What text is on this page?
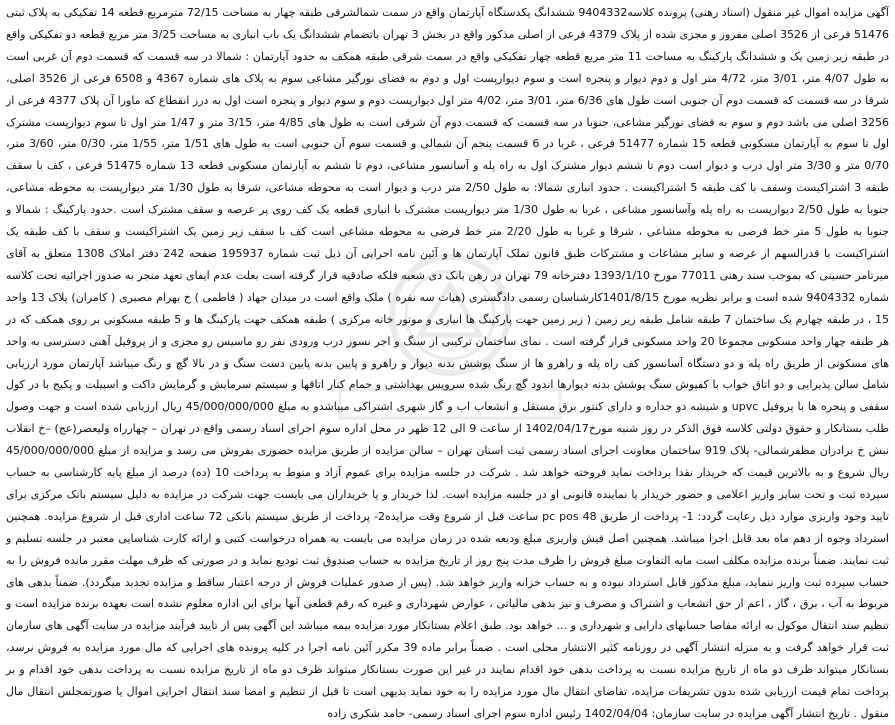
آگهی مزایده اموال غیر منقول (اسناد رهنی) پرونده کلاسه9404332 ششدانگ یکدستگاه آپارتمان واقع در سمت شمالشرقی طبقه چهار به مساحت 72/15 مترمربع قطعه 14 تفکیکی به پلاک ثبتی 51476 فرعی از 3526 اصلی مفروز و مجزی شده از پلاک 4379 فرعی از اصلی مذکور واقع در بخش 3 تهران باتضمام ششدانگ یک باب انباری به مساحت 3/25 متر مربع قطعه دو تفکیکی واقع در طبقه زیر زمین یک و ششدانگ پارکینگ به مساحت 11 متر مربع قطعه چهار تفکیکی واقع در سمت شرقی طبقه همکف به حدود آپارتمان : شمالا در سه قسمت که قسمت دوم آن غربی است به طول 4/07 متر، 3/01 متر، 4/72 متر اول و دوم دیوار و پنجره است و سوم دیوارپست اول و دوم به فضای نورگیر مشاعی سوم به پلاک های شماره 4367 و 6508 فرعی از 3526 اصلی، شرقا در سه قسمت که قسمت دوم آن جنوبی است طول های 6/36 متر، 3/01 متر، 4/02 متر اول دیوارپست دوم و سوم دیوار و پنجره است اول به درز انقطاع که ماورا آن پلاک 4377 فرعی از 3256 اصلی می باشد دوم و سوم به فضای نورگیر مشاعی، جنوبا در سه قسمت که قسمت دوم آن شرقی است به طول های 4/85 متر، 3/15 متر و 1/47 متر اول تا سوم دیوارپست مشترک اول تا سوم به آپارتمان مسکونی قطعه 15 شماره 51477 فرعی ، غربا در 6 قسمت پنجم آن شمالی و قسمت سوم آن جنوبی است به طول های 1/51 متر، 1/55 متر، 0/30 متر، 3/60 متر، 0/70 متر و 3/30 متر اول درب و دیوار است دوم تا ششم دیوار مشترک اول به راه پله و آسانسور مشاعی، دوم تا ششم به آپارتمان مسکونی قطعه 13 شماره 51475 فرعی ، کف با سقف طبقه 3 اشتراکیست وسقف با کف طبقه 5 اشتراکیست . حدود انباری شمالا: به طول 2/50 متر درب و دیوار است به محوطه مشاعی، شرقا به طول 1/30 متر دیوارپست به محوطه مشاعی، جنوبا به طول 2/50 دیوارپست به راه پله وآسانسور مشاعی ، غربا به طول 1/30 متر دیوارپست مشترک با انباری قطعه یک کف روی پر عرصه و سقف مشترک است .حدود پارکینگ : شمالا و جنوبا به طول 5 متر خط فرضی به محوطه مشاعی ، شرقا و غربا به طول 2/20 متر خط فرضی به محوطه مشاعی است کف با سقف زیر زمین یک اشتراکیست و سقف با کف طبقه یک اشتراکیست با قدرالسهم از عرصه و سایر مشاعات و مشترکات طبق قانون تملک آپارتمان ها و آئین نامه اجرایی آن ذیل ثبت شماره 195937 صفحه 242 دفتر املاک 1308 متعلق به آقای میرتامر حسینی که بموجب سند رهنی 77011 مورخ 1393/1/10 دفترخانه 79 تهران در رهن بانک دی شعبه فلکه صادقیه قرار گرفته است بعلت عدم ایفای تعهد منجر به صدور اجرائیه تحت کلاسه شماره 9404332 شده است و برابر نظریه مورخ 1401/8/15کارشناسان رسمی دادگستری (هیات سه نفره ) ملک واقع است در میدان جهاد ( فاطمی ) خ بهرام مصیری ( کامران) پلاک 13 واحد 15 ، در طبقه چهارم یک ساختمان 7 طبقه شامل طبقه زیر زمین ( زیر زمین جهت پارکینگ ها انباری و موتور خانه مرکزی ) طبقه همکف جهت پارکینگ ها و 5 طبقه مسکونی بر روی همکف که در هر طبقه چهار واحد مسکونی مجموعا 20 واحد مسکونی قرار گرفته است . نمای ساختمان ترکیبی از سنگ و اجر نسوز درب ورودی نفر رو ماسیس رو مجزی و از پروفیل آهنی دسترسی به واحد های مسکونی از طریق راه پله و دو دستگاه آسانسور کف راه پله و راهرو ها از سنگ پوشش بدنه دیوار و راهرو و پایین بدنه پایین دست سنگ و در بالا گچ و رنگ میباشد آپارتمان مورد ارزیابی شامل سالن پذیرایی و دو اتاق خواب با کفپوش سنگ پوشش بدنه دیوارها اندود گچ رنگ شده سرویس بهداشتی و حمام کنار اتاقها و سیستم سرمایش و گرمایش داکت و اسپیلت و پکیج با در کول سقفی و پنجره ها با پروفیل upvc و شیشه دو جداره و دارای کنتور برق مستقل و انشعاب اب و گاز شهری اشتراکی میباشدو به مبلغ 45/000/000/000 ریال ارزیابی شده است و جهت وصول طلب بستانکار و حقوق دولتی کلاسه فوق الذکر در روز شنبه مورخ1402/04/17 از ساعت 9 الی 12 ظهر در محل اداره سوم اجرای اسناد رسمی واقع در تهران – چهارراه ولیعصر(عج) –خ انقلاب نبش خ برادران مظفرشمالی- پلاک 919 ساختمان معاونت اجرای اسناد رسمی ثبت استان تهران – سالن مزایده از طریق مزایده حضوری بفروش می رسد و مزایده از مبلغ 45/000/000/000 ریال شروع و به بالاترین قیمت که خریدار نقدا پرداخت نماید فروخته خواهد شد . شرکت در جلسه مزایده برای عموم آزاد و منوط به پرداخت 10 (ده) درصد از مبلغ پایه کارشناسی به حساب سپرده ثبت و تحت سایر واریز اعلامی و حضور خریدار یا نماینده قانونی او در جلسه مزایده است. لذا خریدار و یا خریداران می بایست جهت شرکت در مزایده به دلیل سیستم بانک مرکزی برای تایید وجود واریزی موارد ذیل رعایت گردد: 1- پرداخت از طریق pc pos 48 ساعت قبل از شروع وقت مزایده2- پرداخت از طریق سیستم بانکی 72 ساعت اداری قبل از شروع مزایده. همچنین استرداد وجوه از دهم ماه بعد قابل اجرا میباشد. همچنین اصل فیش واریزی مبلغ ودیعه شده در زمان مزایده می بایست به همراه درخواست کتبی و ارائه کارت شناسایی معتبر در جلسه تسلیم و ثبت نمایند. ضمناً برنده مزایده مکلف است مابه التفاوت مبلغ فروش را ظرف مدت پنج روز از تاریخ مزایده به حساب صندوق ثبت تودیع نماید و در صورتی که ظرف مهلت مقرر مانده فروش را به حساب سپرده ثبت واریز ننماید، مبلغ مذکور قابل استرداد نبوده و به حساب خزانه واریز خواهد شد. (پس از صدور عملیات فروش از درجه اعتبار ساقط و مزایده تجدید میگردد). ضمناً بدهی های مربوط به آب ، برق ، گاز ، اعم از حق انشعاب و اشتراک و مصرف و نیز بدهی مالیاتی ، عوارض شهرداری و غیره که رقم قطعی آنها برای این اداره معلوم نشده است بعهده برنده مزایده است و تنظیم سند انتقال موکول به ارائه مفاصا حسابهای دارایی و شهرداری و ... خواهد بود. طبق اعلام بستانکار مورد مزایده بیمه میباشد این آگهی پس از تایید فرآیند مزایده در سایت آگهی های سازمان ثبت قرار خواهد گرفت و به منزله انتشار آگهی در روزنامه کثیر الانتشار محلی است . ضمناً برابر ماده 39 مکرر آئین نامه اجرا در کلیه پرونده های اجرایی که مال مورد مزایده به فروش نرسد، بستانکار میتواند ظرف دو ماه از تاریخ مزایده نسبت به پرداخت بدهی خود اقدام نمایند در غیر این صورت بستانکار میتواند ظرف دو ماه از تاریخ مزایده نسبت به پرداخت بدهی خود اقدام و بر پرداخت تمام قیمت ارزیابی شده بدون تشریفات مزایده، تقاضای انتقال مال مورد مزایده را به خود نماید بدیهی است تا قبل از تنظیم و امضا سند انتقال اجرایی اموال یا صورتمجلس انتقال مال منقول . تاریخ انتشار آگهی مزایده در سایت سازمان: 1402/04/04 رئیس اداره سوم اجرای اسناد رسمی- حامد شکری زاده
